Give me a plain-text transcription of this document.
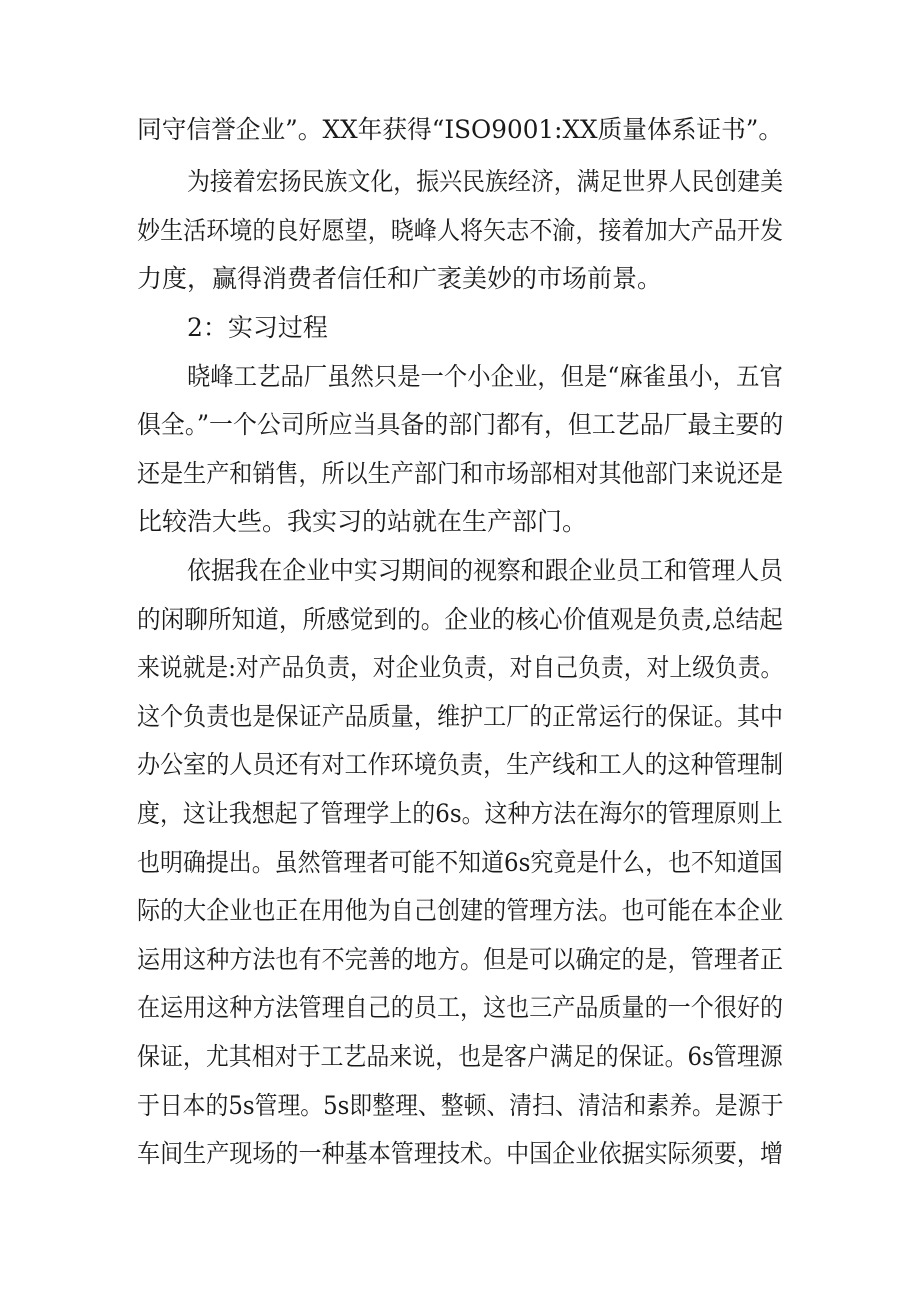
同守信誉企业”。XX年获得“ISO9001:XX质量体系证书”。
为接着宏扬民族文化，振兴民族经济，满足世界人民创建美
妙生活环境的良好愿望，晓峰人将矢志不渝，接着加大产品开发
力度，赢得消费者信任和广袤美妙的市场前景。
2：实习过程
晓峰工艺品厂虽然只是一个小企业，但是“麻雀虽小，五官
俱全。”一个公司所应当具备的部门都有，但工艺品厂最主要的
还是生产和销售，所以生产部门和市场部相对其他部门来说还是
比较浩大些。我实习的站就在生产部门。
依据我在企业中实习期间的视察和跟企业员工和管理人员
的闲聊所知道，所感觉到的。企业的核心价值观是负责,总结起
来说就是:对产品负责，对企业负责，对自己负责，对上级负责。
这个负责也是保证产品质量，维护工厂的正常运行的保证。其中
办公室的人员还有对工作环境负责，生产线和工人的这种管理制
度，这让我想起了管理学上的6s。这种方法在海尔的管理原则上
也明确提出。虽然管理者可能不知道6s究竟是什么，也不知道国
际的大企业也正在用他为自己创建的管理方法。也可能在本企业
运用这种方法也有不完善的地方。但是可以确定的是，管理者正
在运用这种方法管理自己的员工，这也三产品质量的一个很好的
保证，尤其相对于工艺品来说，也是客户满足的保证。6s管理源
于日本的5s管理。5s即整理、整顿、清扫、清洁和素养。是源于
车间生产现场的一种基本管理技术。中国企业依据实际须要，增
